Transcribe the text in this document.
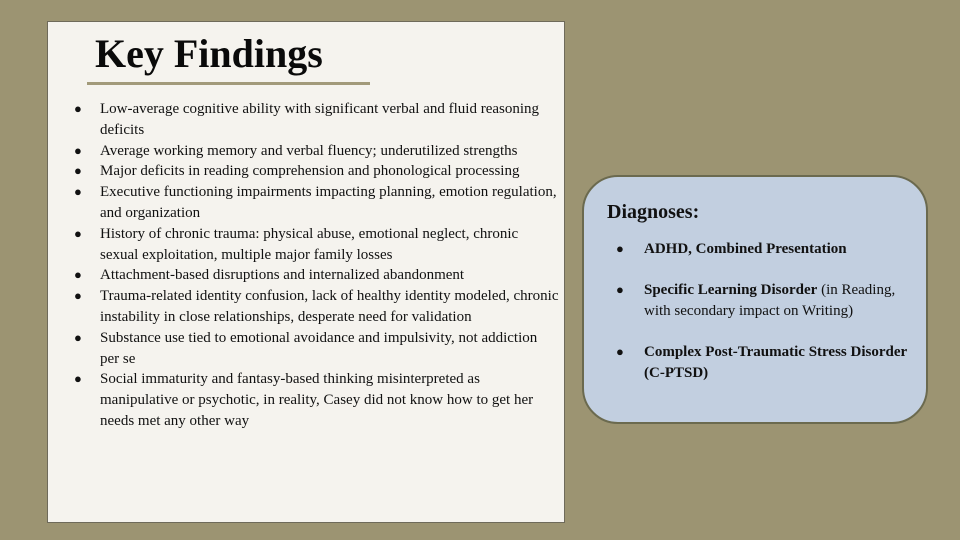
Key Findings
● Low-average cognitive ability with significant verbal and fluid reasoning deficits
● Average working memory and verbal fluency; underutilized strengths
● Major deficits in reading comprehension and phonological processing
● Executive functioning impairments impacting planning, emotion regulation, and organization
● History of chronic trauma: physical abuse, emotional neglect, chronic sexual exploitation, multiple major family losses
● Attachment-based disruptions and internalized abandonment
● Trauma-related identity confusion, lack of healthy identity modeled, chronic instability in close relationships, desperate need for validation
● Substance use tied to emotional avoidance and impulsivity, not addiction per se
● Social immaturity and fantasy-based thinking misinterpreted as manipulative or psychotic, in reality, Casey did not know how to get her needs met any other way
Diagnoses:
● ADHD, Combined Presentation
● Specific Learning Disorder (in Reading, with secondary impact on Writing)
● Complex Post-Traumatic Stress Disorder (C-PTSD)
